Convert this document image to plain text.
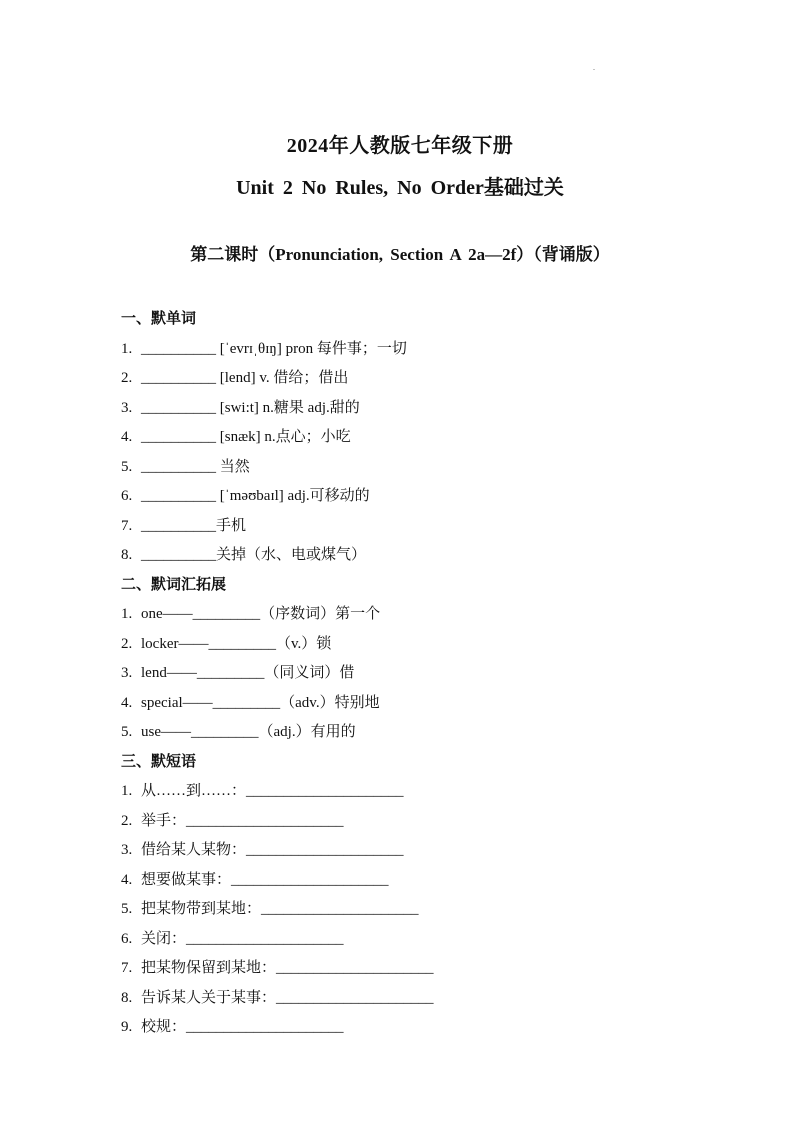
.
2024年人教版七年级下册
Unit 2 No Rules, No Order基础过关
第二课时（Pronunciation, Section A 2a—2f）（背诵版）
一、默单词
1. __________ [ˈevrɪˌθɪŋ] pron 每件事；一切
2. __________ [lend] v. 借给；借出
3. __________ [swi:t] n.糖果 adj.甜的
4. __________ [snæk] n.点心；小吃
5. __________ 当然
6. __________ [ˈməʊbaɪl] adj.可移动的
7. __________手机
8. __________关掉（水、电或煤气）
二、默词汇拓展
1. one——_________（序数词）第一个
2. locker——_________（v.）锁
3. lend——_________（同义词）借
4. special——_________（adv.）特别地
5. use——_________（adj.）有用的
三、默短语
1. 从……到……：_____________________
2. 举手：_____________________
3. 借给某人某物：_____________________
4. 想要做某事：_____________________
5. 把某物带到某地：_____________________
6. 关闭：_____________________
7. 把某物保留到某地：_____________________
8. 告诉某人关于某事：_____________________
9. 校规：_____________________
